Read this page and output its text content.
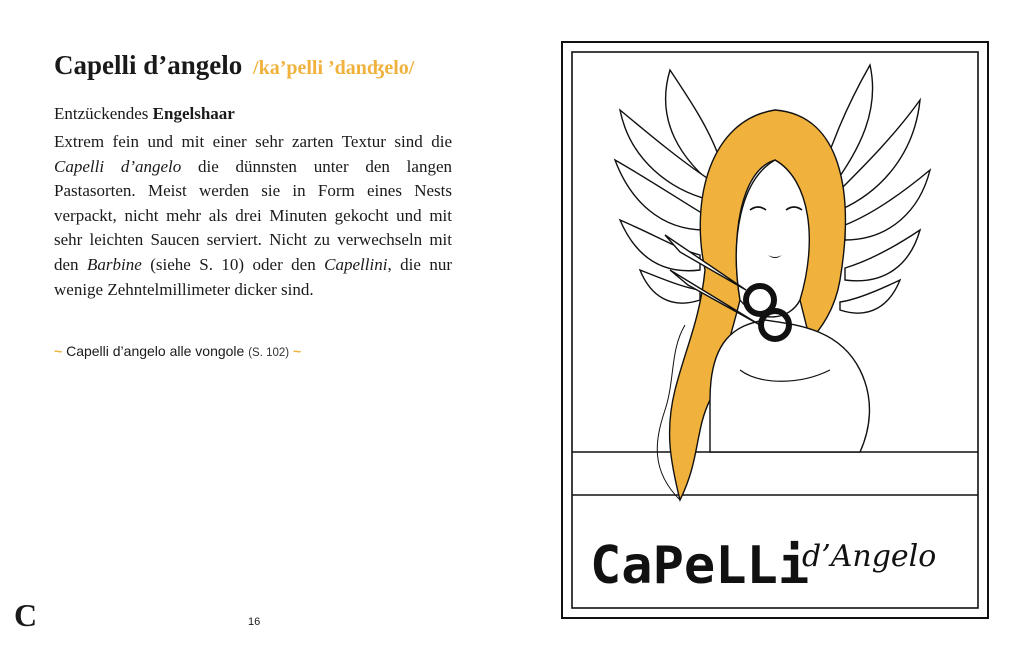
Capelli d’angelo /ka’pelli ’danʤelo/
Entzückendes Engelshaar
Extrem fein und mit einer sehr zarten Textur sind die Capelli d’angelo die dünnsten unter den langen Pastasorten. Meist werden sie in Form eines Nests verpackt, nicht mehr als drei Minuten gekocht und mit sehr leichten Saucen serviert. Nicht zu verwechseln mit den Barbine (siehe S. 10) oder den Capellini, die nur wenige Zehntelmillimeter dicker sind.
~ Capelli d’angelo alle vongole (S. 102) ~
C	16
CaPeLLi
d’Angelo
